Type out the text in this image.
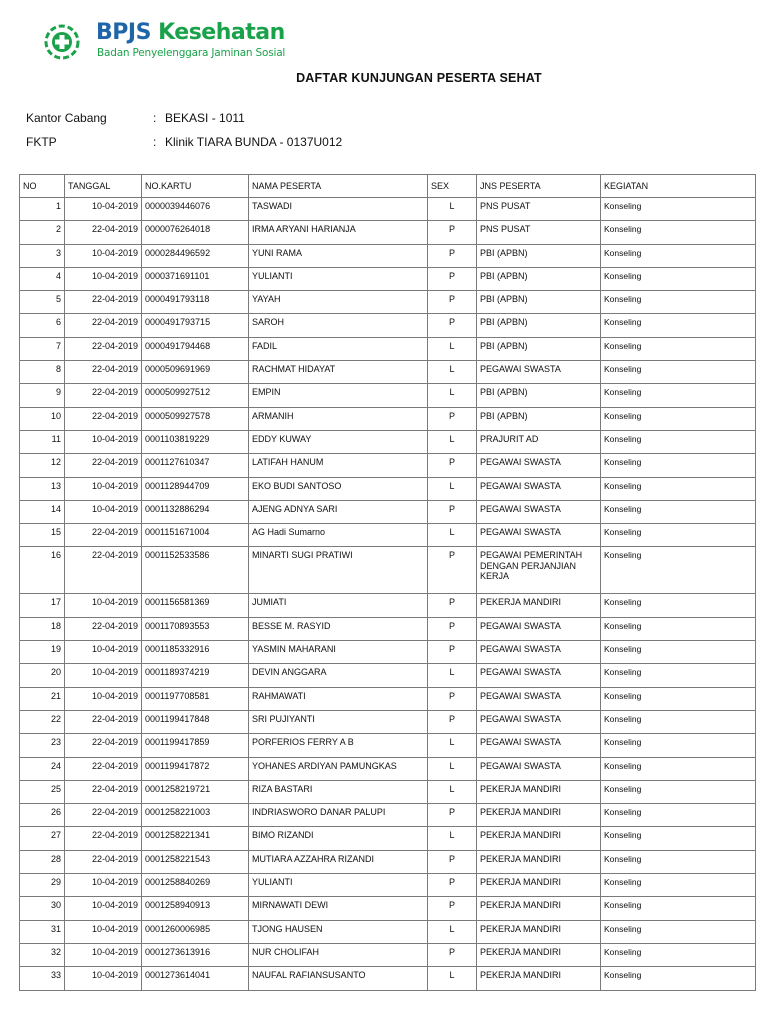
BPJS Kesehatan
Badan Penyelenggara Jaminan Sosial
DAFTAR KUNJUNGAN PESERTA SEHAT
Kantor Cabang	: BEKASI - 1011
FKTP	: Klinik TIARA BUNDA - 0137U012
NO	TANGGAL	NO.KARTU	NAMA PESERTA	SEX	JNS PESERTA	KEGIATAN
1	10-04-2019	0000039446076	TASWADI	L	PNS PUSAT	Konseling
2	22-04-2019	0000076264018	IRMA ARYANI HARIANJA	P	PNS PUSAT	Konseling
3	10-04-2019	0000284496592	YUNI RAMA	P	PBI (APBN)	Konseling
4	10-04-2019	0000371691101	YULIANTI	P	PBI (APBN)	Konseling
5	22-04-2019	0000491793118	YAYAH	P	PBI (APBN)	Konseling
6	22-04-2019	0000491793715	SAROH	P	PBI (APBN)	Konseling
7	22-04-2019	0000491794468	FADIL	L	PBI (APBN)	Konseling
8	22-04-2019	0000509691969	RACHMAT HIDAYAT	L	PEGAWAI SWASTA	Konseling
9	22-04-2019	0000509927512	EMPIN	L	PBI (APBN)	Konseling
10	22-04-2019	0000509927578	ARMANIH	P	PBI (APBN)	Konseling
11	10-04-2019	0001103819229	EDDY KUWAY	L	PRAJURIT AD	Konseling
12	22-04-2019	0001127610347	LATIFAH HANUM	P	PEGAWAI SWASTA	Konseling
13	10-04-2019	0001128944709	EKO BUDI SANTOSO	L	PEGAWAI SWASTA	Konseling
14	10-04-2019	0001132886294	AJENG ADNYA SARI	P	PEGAWAI SWASTA	Konseling
15	22-04-2019	0001151671004	AG Hadi Sumarno	L	PEGAWAI SWASTA	Konseling
16	22-04-2019	0001152533586	MINARTI SUGI PRATIWI	P	PEGAWAI PEMERINTAH DENGAN PERJANJIAN KERJA	Konseling
17	10-04-2019	0001156581369	JUMIATI	P	PEKERJA MANDIRI	Konseling
18	22-04-2019	0001170893553	BESSE M. RASYID	P	PEGAWAI SWASTA	Konseling
19	10-04-2019	0001185332916	YASMIN MAHARANI	P	PEGAWAI SWASTA	Konseling
20	10-04-2019	0001189374219	DEVIN ANGGARA	L	PEGAWAI SWASTA	Konseling
21	10-04-2019	0001197708581	RAHMAWATI	P	PEGAWAI SWASTA	Konseling
22	22-04-2019	0001199417848	SRI PUJIYANTI	P	PEGAWAI SWASTA	Konseling
23	22-04-2019	0001199417859	PORFERIOS FERRY A B	L	PEGAWAI SWASTA	Konseling
24	22-04-2019	0001199417872	YOHANES ARDIYAN PAMUNGKAS	L	PEGAWAI SWASTA	Konseling
25	22-04-2019	0001258219721	RIZA BASTARI	L	PEKERJA MANDIRI	Konseling
26	22-04-2019	0001258221003	INDRIASWORO DANAR PALUPI	P	PEKERJA MANDIRI	Konseling
27	22-04-2019	0001258221341	BIMO RIZANDI	L	PEKERJA MANDIRI	Konseling
28	22-04-2019	0001258221543	MUTIARA AZZAHRA RIZANDI	P	PEKERJA MANDIRI	Konseling
29	10-04-2019	0001258840269	YULIANTI	P	PEKERJA MANDIRI	Konseling
30	10-04-2019	0001258940913	MIRNAWATI DEWI	P	PEKERJA MANDIRI	Konseling
31	10-04-2019	0001260006985	TJONG HAUSEN	L	PEKERJA MANDIRI	Konseling
32	10-04-2019	0001273613916	NUR CHOLIFAH	P	PEKERJA MANDIRI	Konseling
33	10-04-2019	0001273614041	NAUFAL RAFIANSUSANTO	L	PEKERJA MANDIRI	Konseling
